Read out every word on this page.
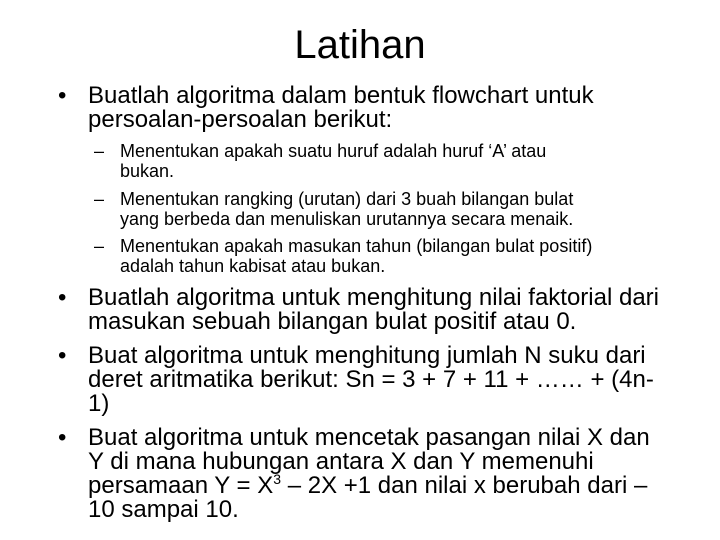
Latihan
• Buatlah algoritma dalam bentuk flowchart untuk
persoalan-persoalan berikut:
– Menentukan apakah suatu huruf adalah huruf ‘A’ atau
bukan.
– Menentukan rangking (urutan) dari 3 buah bilangan bulat
yang berbeda dan menuliskan urutannya secara menaik.
– Menentukan apakah masukan tahun (bilangan bulat positif)
adalah tahun kabisat atau bukan.
• Buatlah algoritma untuk menghitung nilai faktorial dari
masukan sebuah bilangan bulat positif atau 0.
• Buat algoritma untuk menghitung jumlah N suku dari
deret aritmatika berikut: Sn = 3 + 7 + 11 + …… + (4n-
1)
• Buat algoritma untuk mencetak pasangan nilai X dan
Y di mana hubungan antara X dan Y memenuhi
persamaan $Y = X^3 - 2X +1$ dan nilai x berubah dari –
10 sampai 10.
